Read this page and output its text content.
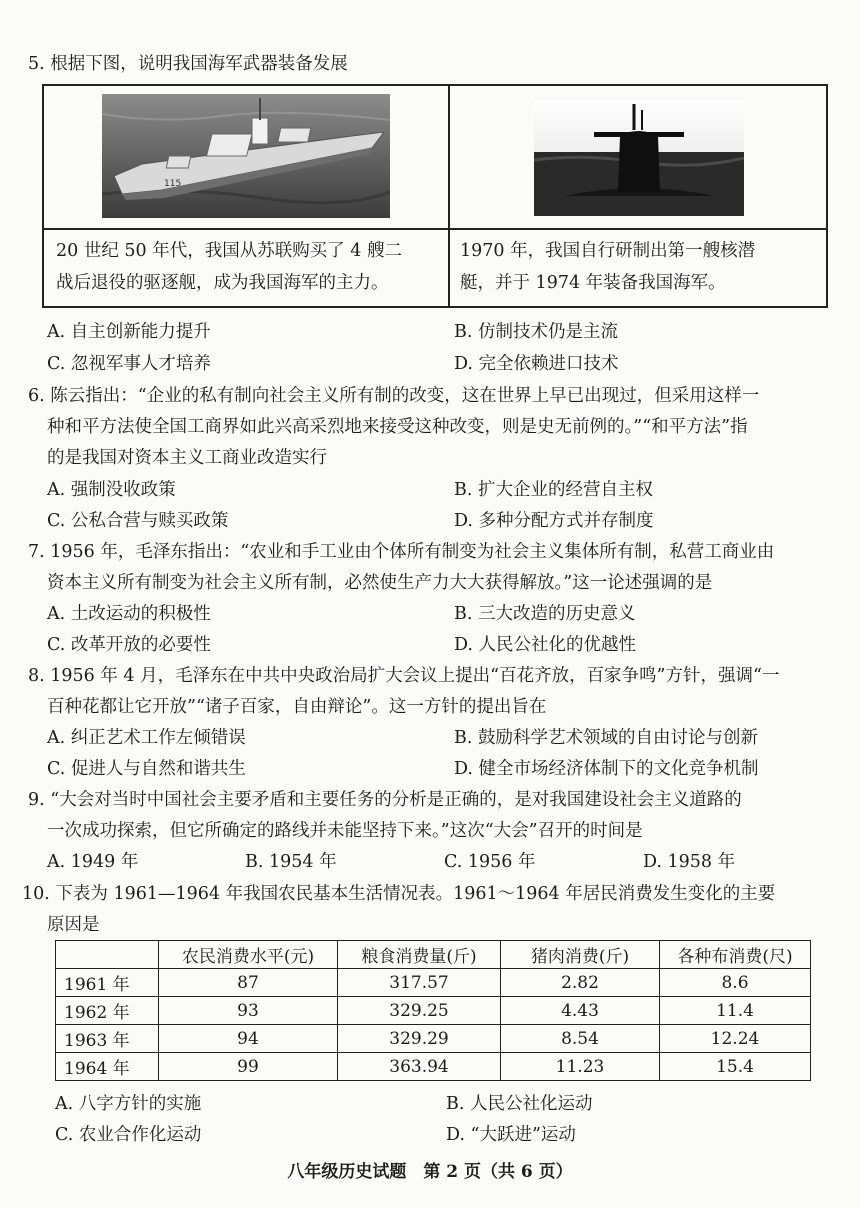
5. 根据下图，说明我国海军武器装备发展
115
20 世纪 50 年代，我国从苏联购买了 4 艘二
战后退役的驱逐舰，成为我国海军的主力。
1970 年，我国自行研制出第一艘核潜
艇，并于 1974 年装备我国海军。
A. 自主创新能力提升	B. 仿制技术仍是主流
C. 忽视军事人才培养	D. 完全依赖进口技术
6. 陈云指出：“企业的私有制向社会主义所有制的改变，这在世界上早已出现过，但采用这样一
种和平方法使全国工商界如此兴高采烈地来接受这种改变，则是史无前例的。”“和平方法”指
的是我国对资本主义工商业改造实行
A. 强制没收政策	B. 扩大企业的经营自主权
C. 公私合营与赎买政策	D. 多种分配方式并存制度
7. 1956 年，毛泽东指出：“农业和手工业由个体所有制变为社会主义集体所有制，私营工商业由
资本主义所有制变为社会主义所有制，必然使生产力大大获得解放。”这一论述强调的是
A. 土改运动的积极性	B. 三大改造的历史意义
C. 改革开放的必要性	D. 人民公社化的优越性
8. 1956 年 4 月，毛泽东在中共中央政治局扩大会议上提出“百花齐放，百家争鸣”方针，强调“一
百种花都让它开放”“诸子百家，自由辩论”。这一方针的提出旨在
A. 纠正艺术工作左倾错误	B. 鼓励科学艺术领域的自由讨论与创新
C. 促进人与自然和谐共生	D. 健全市场经济体制下的文化竞争机制
9. “大会对当时中国社会主要矛盾和主要任务的分析是正确的，是对我国建设社会主义道路的
一次成功探索，但它所确定的路线并未能坚持下来。”这次“大会”召开的时间是
A. 1949 年	B. 1954 年	C. 1956 年	D. 1958 年
10. 下表为 1961—1964 年我国农民基本生活情况表。1961～1964 年居民消费发生变化的主要
原因是
	农民消费水平(元)	粮食消费量(斤)	猪肉消费(斤)	各种布消费(尺)
1961 年	87	317.57	2.82	8.6
1962 年	93	329.25	4.43	11.4
1963 年	94	329.29	8.54	12.24
1964 年	99	363.94	11.23	15.4
A. 八字方针的实施	B. 人民公社化运动
C. 农业合作化运动	D. “大跃进”运动
八年级历史试题　第 2 页（共 6 页）
